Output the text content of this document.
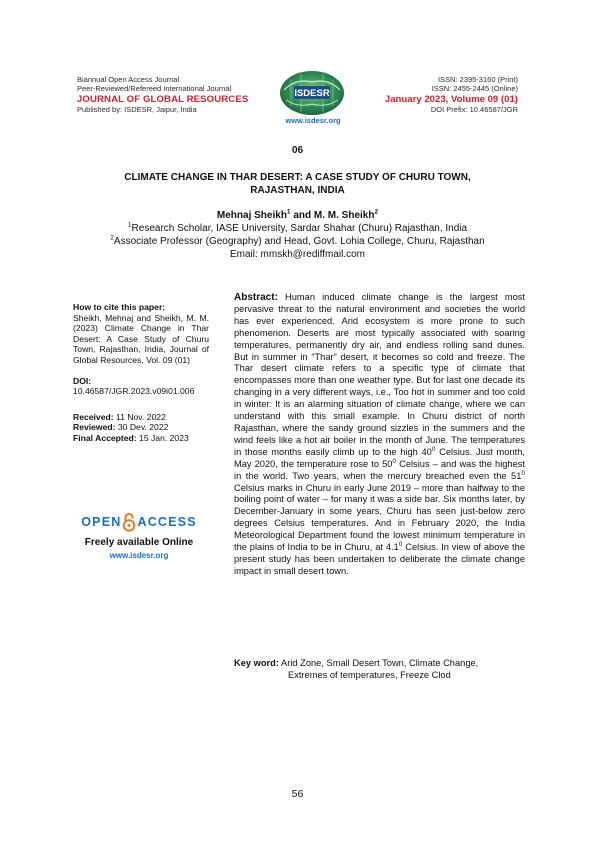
Biannual Open Access Journal
Peer-Reviewed/Refereed International Journal
JOURNAL OF GLOBAL RESOURCES
Published by: ISDESR, Jaipur, India
ISDESR
www.isdesr.org
ISSN: 2395-3160 (Print)
ISSN: 2455-2445 (Online)
January 2023, Volume 09 (01)
DOI Prefix: 10.46587/JGR
06
CLIMATE CHANGE IN THAR DESERT: A CASE STUDY OF CHURU TOWN,
RAJASTHAN, INDIA
Mehnaj Sheikh$^1$ and M. M. Sheikh$^2$
$^1$Research Scholar, IASE University, Sardar Shahar (Churu) Rajasthan, India
$^2$Associate Professor (Geography) and Head, Govt. Lohia College, Churu, Rajasthan
Email: mmskh@rediffmail.com
How to cite this paper:
Sheikh, Mehnaj and Sheikh, M. M. (2023) Climate Change in Thar Desert: A Case Study of Churu Town, Rajasthan, India, Journal of Global Resources, Vol. 09 (01)
DOI:
10.46587/JGR.2023.v09i01.006
Received: 11 Nov. 2022
Reviewed: 30 Dev. 2022
Final Accepted: 15 Jan. 2023
OPEN ACCESS
Freely available Online
www.isdesr.org
Abstract: Human induced climate change is the largest most pervasive threat to the natural environment and societies the world has ever experienced. Arid ecosystem is more prone to such phenomenon. Deserts are most typically associated with soaring temperatures, permanently dry air, and endless rolling sand dunes. But in summer in “Thar” desert, it becomes so cold and freeze. The Thar desert climate refers to a specific type of climate that encompasses more than one weather type. But for last one decade its changing in a very different ways, i.e., Too hot in summer and too cold in winter. It is an alarming situation of climate change, where we can understand with this small example. In Churu district of north Rajasthan, where the sandy ground sizzles in the summers and the wind feels like a hot air boiler in the month of June. The temperatures in those months easily climb up to the high $40^0$ Celsius. Just month, May 2020, the temperature rose to $50^0$ Celsius – and was the highest in the world. Two years, when the mercury breached even the $51^0$ Celsius marks in Churu in early June 2019 – more than halfway to the boiling point of water – for many it was a side bar. Six months later, by December-January in some years, Churu has seen just-below zero degrees Celsius temperatures. And in February 2020, the India Meteorological Department found the lowest minimum temperature in the plains of India to be in Churu, at $4.1^0$ Celsius. In view of above the present study has been undertaken to deliberate the climate change impact in small desert town.
Key word: Arid Zone, Small Desert Town, Climate Change,
Extremes of temperatures, Freeze Clod
56
